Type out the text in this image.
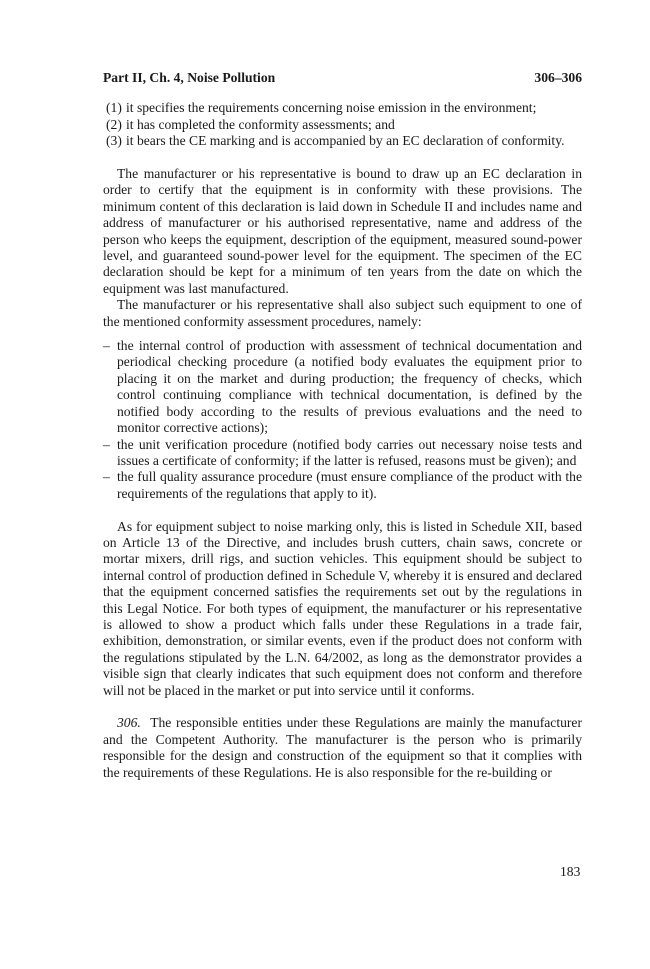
Part II, Ch. 4, Noise Pollution	306–306
(1) it specifies the requirements concerning noise emission in the environment;
(2) it has completed the conformity assessments; and
(3) it bears the CE marking and is accompanied by an EC declaration of conformity.

The manufacturer or his representative is bound to draw up an EC declaration in order to certify that the equipment is in conformity with these provisions. The minimum content of this declaration is laid down in Schedule II and includes name and address of manufacturer or his authorised representative, name and address of the person who keeps the equipment, description of the equipment, measured sound-power level, and guaranteed sound-power level for the equipment. The specimen of the EC declaration should be kept for a minimum of ten years from the date on which the equipment was last manufactured.

The manufacturer or his representative shall also subject such equipment to one of the mentioned conformity assessment procedures, namely:

– the internal control of production with assessment of technical documentation and periodical checking procedure (a notified body evaluates the equipment prior to placing it on the market and during production; the frequency of checks, which control continuing compliance with technical documentation, is defined by the notified body according to the results of previous evaluations and the need to monitor corrective actions);
– the unit verification procedure (notified body carries out necessary noise tests and issues a certificate of conformity; if the latter is refused, reasons must be given); and
– the full quality assurance procedure (must ensure compliance of the product with the requirements of the regulations that apply to it).

As for equipment subject to noise marking only, this is listed in Schedule XII, based on Article 13 of the Directive, and includes brush cutters, chain saws, concrete or mortar mixers, drill rigs, and suction vehicles. This equipment should be subject to internal control of production defined in Schedule V, whereby it is ensured and declared that the equipment concerned satisfies the requirements set out by the regulations in this Legal Notice. For both types of equipment, the manufacturer or his representative is allowed to show a product which falls under these Regulations in a trade fair, exhibition, demonstration, or similar events, even if the product does not conform with the regulations stipulated by the L.N. 64/2002, as long as the demonstrator provides a visible sign that clearly indicates that such equipment does not conform and therefore will not be placed in the market or put into service until it conforms.

306. The responsible entities under these Regulations are mainly the manufacturer and the Competent Authority. The manufacturer is the person who is primarily responsible for the design and construction of the equipment so that it complies with the requirements of these Regulations. He is also responsible for the re-building or

183
